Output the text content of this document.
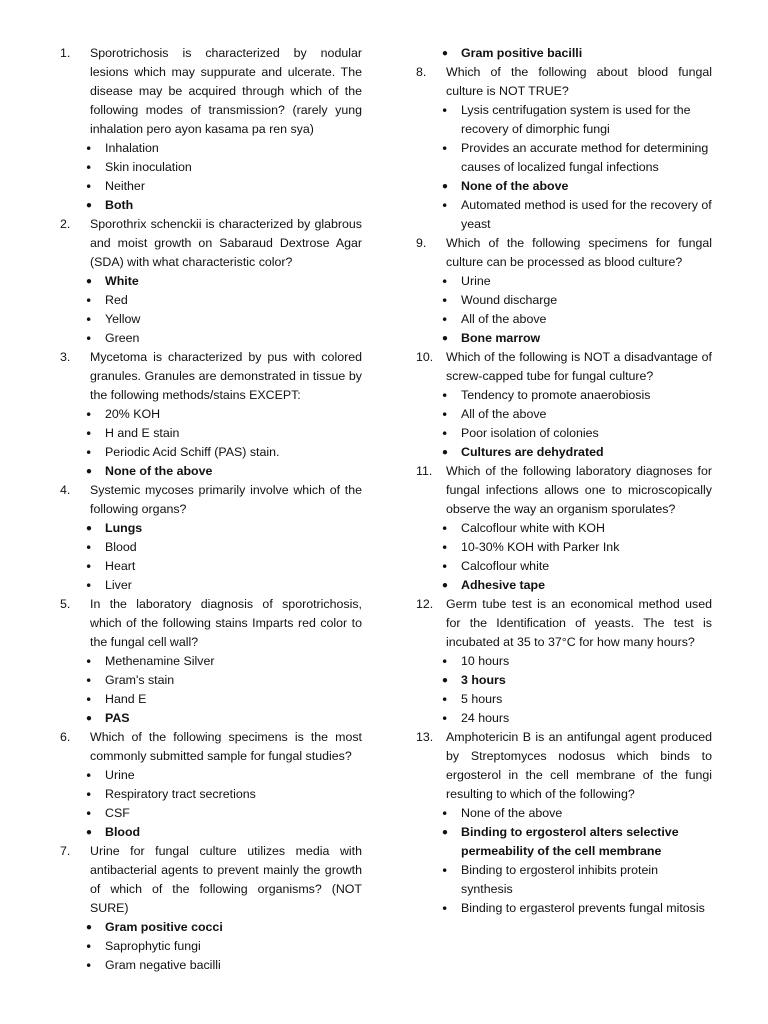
1.	Sporotrichosis is characterized by nodular lesions which may suppurate and ulcerate. The disease may be acquired through which of the following modes of transmission? (rarely yung inhalation pero ayon kasama pa ren sya)
• Inhalation
• Skin inoculation
• Neither
• Both
2.	Sporothrix schenckii is characterized by glabrous and moist growth on Sabaraud Dextrose Agar (SDA) with what characteristic color?
• White
• Red
• Yellow
• Green
3.	Mycetoma is characterized by pus with colored granules. Granules are demonstrated in tissue by the following methods/stains EXCEPT:
• 20% KOH
• H and E stain
• Periodic Acid Schiff (PAS) stain.
• None of the above
4.	Systemic mycoses primarily involve which of the following organs?
• Lungs
• Blood
• Heart
• Liver
5.	In the laboratory diagnosis of sporotrichosis, which of the following stains Imparts red color to the fungal cell wall?
• Methenamine Silver
• Gram's stain
• Hand E
• PAS
6.	Which of the following specimens is the most commonly submitted sample for fungal studies?
• Urine
• Respiratory tract secretions
• CSF
• Blood
7.	Urine for fungal culture utilizes media with antibacterial agents to prevent mainly the growth of which of the following organisms? (NOT SURE)
• Gram positive cocci
• Saprophytic fungi
• Gram negative bacilli
• Gram positive bacilli
8.	Which of the following about blood fungal culture is NOT TRUE?
• Lysis centrifugation system is used for the recovery of dimorphic fungi
• Provides an accurate method for determining causes of localized fungal infections
• None of the above
• Automated method is used for the recovery of yeast
9.	Which of the following specimens for fungal culture can be processed as blood culture?
• Urine
• Wound discharge
• All of the above
• Bone marrow
10.	Which of the following is NOT a disadvantage of screw-capped tube for fungal culture?
• Tendency to promote anaerobiosis
• All of the above
• Poor isolation of colonies
• Cultures are dehydrated
11.	Which of the following laboratory diagnoses for fungal infections allows one to microscopically observe the way an organism sporulates?
• Calcoflour white with KOH
• 10-30% KOH with Parker Ink
• Calcoflour white
• Adhesive tape
12.	Germ tube test is an economical method used for the Identification of yeasts. The test is incubated at 35 to 37°C for how many hours?
• 10 hours
• 3 hours
• 5 hours
• 24 hours
13.	Amphotericin B is an antifungal agent produced by Streptomyces nodosus which binds to ergosterol in the cell membrane of the fungi resulting to which of the following?
• None of the above
• Binding to ergosterol alters selective permeability of the cell membrane
• Binding to ergosterol inhibits protein synthesis
• Binding to ergasterol prevents fungal mitosis
